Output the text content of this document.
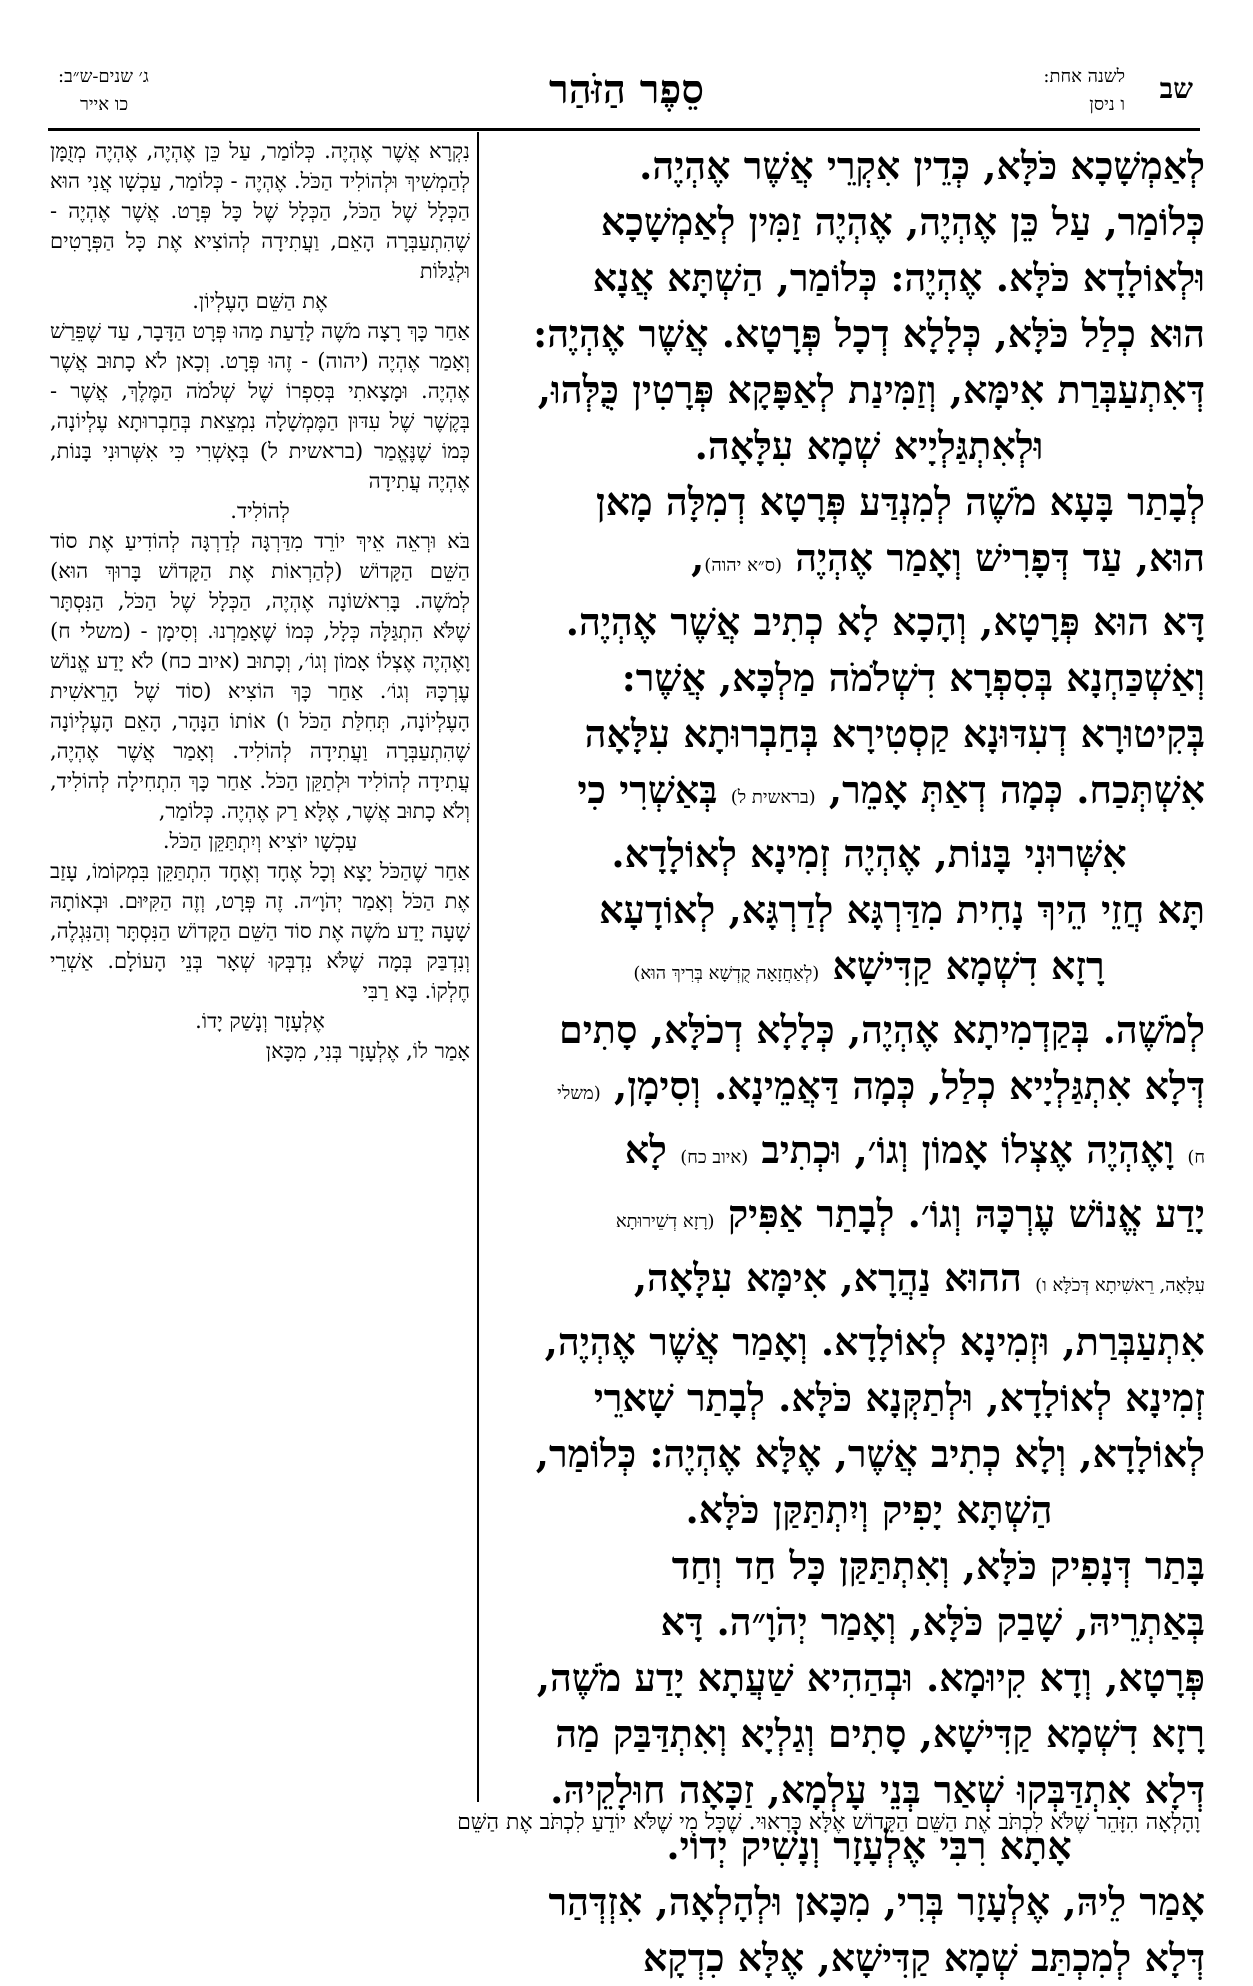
שב
לשנה אחת:
ו ניסן
סֵפֶר הַזֹּהַר
ג׳ שנים-ש״ב:
כו אייר

לְאַמְשָׁכָא כֹּלָּא, כְּדֵין אִקְרֵי אֲשֶׁר אֶהְיֶה.

כְּלוֹמַר, עַל כֵּן אֶהְיֶה, אֶהְיֶה זַמִּין לְאַמְשָׁכָא

וּלְאוֹלָדָא כֹּלָּא. אֶהְיֶה: כְּלוֹמַר, הַשְׁתָּא אֲנָא

הוּא כְלַל כֹּלָּא, כְּלָלָא דְכָל פְּרָטָא. אֲשֶׁר אֶהְיֶה:

דְּאִתְעַבְּרַת אִימָּא, וְזַמִּינַת לְאַפָּקָא פְּרָטִין כֻּלְּהוּ,

וּלְאִתְגַּלְיָיא שְׁמָא עִלָּאָה.

לְבָתַר בָּעָא מֹשֶׁה לְמִנְדַּע פְּרָטָא דְמִלָּה מָאן

הוּא, עַד דְּפָרִישׁ וְאָמַר אֶהְיֶה (ס״א יהוה),

דָּא הוּא פְּרָטָא, וְהָכָא לָא כְתִיב אֲשֶׁר אֶהְיֶה.

וְאַשְׁכַּחְנָא בְּסִפְרָא דִשְׁלֹמֹה מַלְכָּא, אֲשֶׁר:

בְּקִיטוּרָא דְעִדּוּנָא קַסְטִירָא בְּחַבְרוּתָא עִלָּאָה

אִשְׁתְּכַח. כְּמָה דְאַתְּ אָמֵר, (בראשית ל) בְּאַשְׁרִי כִי

אִשְּׁרוּנִי בָּנוֹת, אֶהְיֶה זְמִינָא לְאוֹלָדָא.

תָּא חֲזֵי הֵיךְ נָחִית מִדַּרְגָּא לְדַרְגָּא, לְאוֹדָעָא

רָזָא דִשְׁמָא קַדִּישָׁא (לְאַחֲזָאָה קֻדְשָׁא בְּרִיךְ הוּא)

לְמֹשֶׁה. בְּקַדְמִיתָא אֶהְיֶה, כְּלָלָא דְכֹלָּא, סָתִים

דְּלָא אִתְגַּלְיָיא כְלַל, כְּמָה דַּאֲמֵינָא. וְסִימָן, (משלי

ח) וָאֶהְיֶה אֶצְלוֹ אָמוֹן וְגוֹ׳, וּכְתִיב (איוב כח) לָא

יָדַע אֱנוֹשׁ עֶרְכָּהּ וְגוֹ׳. לְבָתַר אַפִּיק (רָזָא דְשֵׁירוּתָא

עִלָּאָה, רֵאשִׁיתָא דְּכֹלָּא ו) ההוּא נַהֲרָא, אִימָּא עִלָּאָה,

אִתְעַבְּרַת, וּזְמִינָא לְאוֹלָדָא. וְאָמַר אֲשֶׁר אֶהְיֶה,

זְמִינָא לְאוֹלָדָא, וּלְתַקְּנָא כֹּלָּא. לְבָתַר שָׁארֵי

לְאוֹלָדָא, וְלָא כְתִיב אֲשֶׁר, אֶלָּא אֶהְיֶה: כְּלוֹמַר,

הַשְׁתָּא יָפִיק וְיִתְתַּקַּן כֹּלָּא.

בָּתַר דְּנָפִיק כֹּלָּא, וְאִתְתַּקַּן כָּל חַד וְחַד

בְּאַתְרֵיהּ, שָׁבַק כֹּלָּא, וְאָמַר יְהֹוָ״ה. דָּא

פְּרָטָא, וְדָא קִיוּמָא. וּבְהַהִיא שַׁעֲתָא יָדַע מֹשֶׁה,

רָזָא דִשְׁמָא קַדִּישָׁא, סָתִים וְגַלְיָא וְאִתְדַּבַּק מַה

דְּלָא אִתְדַּבְּקוּ שְׁאַר בְּנֵי עָלְמָא, זַכָּאָה חוּלָקֵיהּ.

אָתָא רִבִּי אֶלְעָזָר וְנָשִׁיק יְדוֹי.

אָמַר לֵיהּ, אֶלְעָזָר בְּרִי, מִכָּאן וּלְהָלְאָה, אִזְדְּהַר

דְּלָא לְמִכְתַּב שְׁמָא קַדִּישָׁא, אֶלָּא כִדְקָא

נִקְרָא אֲשֶׁר אֶהְיֶה. כְּלוֹמַר, עַל כֵּן אֶהְיֶה, אֶהְיֶה מְזֻמָּן לְהַמְשִׁיךְ וּלְהוֹלִיד הַכֹּל. אֶהְיֶה - כְּלוֹמַר, עַכְשָׁו אֲנִי הוּא הַכְּלָל שֶׁל הַכֹּל, הַכְּלָל שֶׁל כָּל פְּרָט. אֲשֶׁר אֶהְיֶה - שֶׁהִתְעַבְּרָה הָאֵם, וַעֲתִידָה לְהוֹצִיא אֶת כָּל הַפְּרָטִים וּלְגַלּוֹת

אֶת הַשֵּׁם הָעֶלְיוֹן.

אַחַר כָּךְ רָצָה מֹשֶׁה לָדַעַת מַהוּ פְּרָט הַדָּבָר, עַד שֶׁפֵּרַשׁ וְאָמַר אֶהְיֶה (יהוה) - זֶהוּ פְּרָט. וְכָאן לֹא כָתוּב אֲשֶׁר אֶהְיֶה. וּמָצָאתִי בְּסִפְרוֹ שֶׁל שְׁלֹמֹה הַמֶּלֶךְ, אֲשֶׁר - בְּקֶשֶׁר שֶׁל עִדּוּן הַמֶּמְשָׁלָה נִמְצֵאת בְּחַבְרוּתָא עֶלְיוֹנָה, כְּמוֹ שֶׁנֶּאֱמַר (בראשית ל) בְּאָשְׁרִי כִּי אִשְּׁרוּנִי בָּנוֹת, אֶהְיֶה עֲתִידָה

לְהוֹלִיד.

בֹּא וּרְאֵה אֵיךְ יוֹרֵד מִדַּרְגָּה לְדַרְגָּה לְהוֹדִיעַ אֶת סוֹד הַשֵּׁם הַקָּדוֹשׁ (לְהַרְאוֹת אֶת הַקָּדוֹשׁ בָּרוּךְ הוּא) לְמֹשֶׁה. בָּרִאשׁוֹנָה אֶהְיֶה, הַכְּלָל שֶׁל הַכֹּל, הַנִּסְתָּר שֶׁלֹּא הִתְגַּלָּה כְּלָל, כְּמוֹ שֶׁאָמַרְנוּ. וְסִימָן - (משלי ח) וָאֶהְיֶה אֶצְלוֹ אָמוֹן וְגוֹ׳, וְכָתוּב (איוב כח) לֹא יָדַע אֱנוֹשׁ עֶרְכָּהּ וְגוֹ׳. אַחַר כָּךְ הוֹצִיא (סוֹד שֶׁל הָרֵאשִׁית הָעֶלְיוֹנָה, תְּחִלַּת הַכֹּל ו) אוֹתוֹ הַנָּהָר, הָאֵם הָעֶלְיוֹנָה שֶׁהִתְעַבְּרָה וַעֲתִידָה לְהוֹלִיד. וְאָמַר אֲשֶׁר אֶהְיֶה, עֲתִידָה לְהוֹלִיד וּלְתַקֵּן הַכֹּל. אַחַר כָּךְ הִתְחִילָה לְהוֹלִיד, וְלֹא כָתוּב אֲשֶׁר, אֶלָּא רַק אֶהְיֶה. כְּלוֹמַר,

עַכְשָׁו יוֹצִיא וְיִתְתַּקֵּן הַכֹּל.

אַחַר שֶׁהַכֹּל יָצָא וְכָל אֶחָד וְאֶחָד הִתְתַּקֵּן בִּמְקוֹמוֹ, עָזַב אֶת הַכֹּל וְאָמַר יְהֹוָ״ה. זֶה פְּרָט, וְזֶה הַקִּיּוּם. וּבְאוֹתָהּ שָׁעָה יָדַע מֹשֶׁה אֶת סוֹד הַשֵּׁם הַקָּדוֹשׁ הַנִּסְתָּר וְהַנִּגְלֶה, וְנִדְבַּק בְּמָה שֶׁלֹּא נִדְבְּקוּ שְׁאָר בְּנֵי הָעוֹלָם. אַשְׁרֵי חֶלְקוֹ. בָּא רַבִּי

אֶלְעָזָר וְנָשַׁק יָדוֹ.

אָמַר לוֹ, אֶלְעָזָר בְּנִי, מִכָּאן

וָהָלְאָה הִזָּהֵר שֶׁלֹּא לִכְתֹּב אֶת הַשֵּׁם הַקָּדוֹשׁ אֶלָּא כָּרָאוּי. שֶׁכָּל מִי שֶׁלֹּא יוֹדֵעַ לִכְתֹּב אֶת הַשֵּׁם
